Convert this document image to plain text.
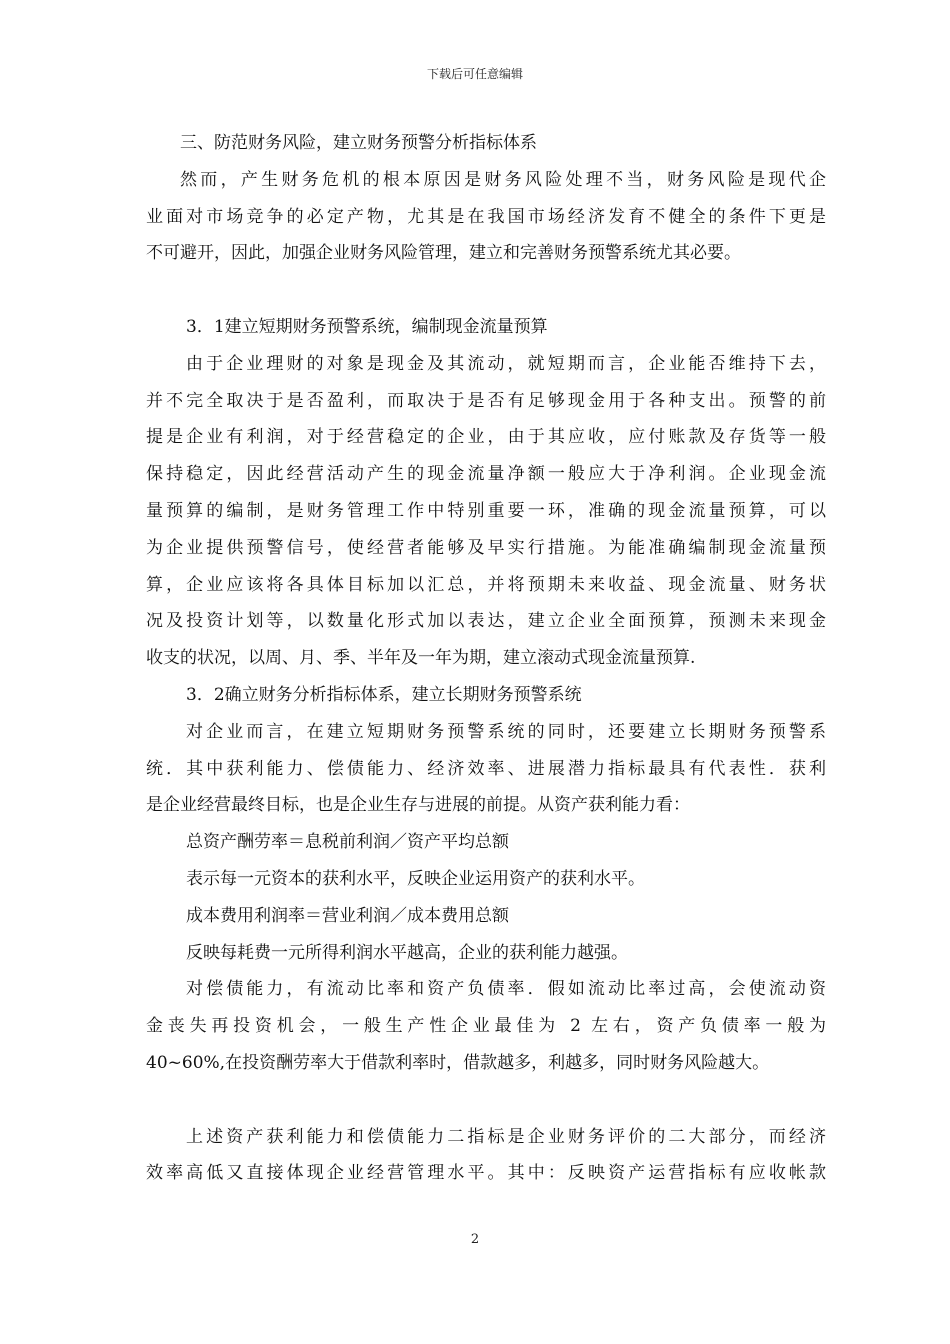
下载后可任意编辑
三、防范财务风险，建立财务预警分析指标体系
然而，产生财务危机的根本原因是财务风险处理不当，财务风险是现代企
业面对市场竞争的必定产物，尤其是在我国市场经济发育不健全的条件下更是
不可避开，因此，加强企业财务风险管理，建立和完善财务预警系统尤其必要。
3．1建立短期财务预警系统，编制现金流量预算
由于企业理财的对象是现金及其流动，就短期而言，企业能否维持下去，
并不完全取决于是否盈利，而取决于是否有足够现金用于各种支出。预警的前
提是企业有利润，对于经营稳定的企业，由于其应收，应付账款及存货等一般
保持稳定，因此经营活动产生的现金流量净额一般应大于净利润。企业现金流
量预算的编制，是财务管理工作中特别重要一环，准确的现金流量预算，可以
为企业提供预警信号，使经营者能够及早实行措施。为能准确编制现金流量预
算，企业应该将各具体目标加以汇总，并将预期未来收益、现金流量、财务状
况及投资计划等，以数量化形式加以表达，建立企业全面预算，预测未来现金
收支的状况，以周、月、季、半年及一年为期，建立滚动式现金流量预算.
3．2确立财务分析指标体系，建立长期财务预警系统
对企业而言，在建立短期财务预警系统的同时，还要建立长期财务预警系
统．其中获利能力、偿债能力、经济效率、进展潜力指标最具有代表性．获利
是企业经营最终目标，也是企业生存与进展的前提。从资产获利能力看：
总资产酬劳率＝息税前利润／资产平均总额
表示每一元资本的获利水平，反映企业运用资产的获利水平。
成本费用利润率＝营业利润／成本费用总额
反映每耗费一元所得利润水平越高，企业的获利能力越强。
对偿债能力，有流动比率和资产负债率．假如流动比率过高，会使流动资
金丧失再投资机会，一般生产性企业最佳为 2 左右，资产负债率一般为
40~60%,在投资酬劳率大于借款利率时，借款越多，利越多，同时财务风险越大。
上述资产获利能力和偿债能力二指标是企业财务评价的二大部分，而经济
效率高低又直接体现企业经营管理水平。其中：反映资产运营指标有应收帐款
2
